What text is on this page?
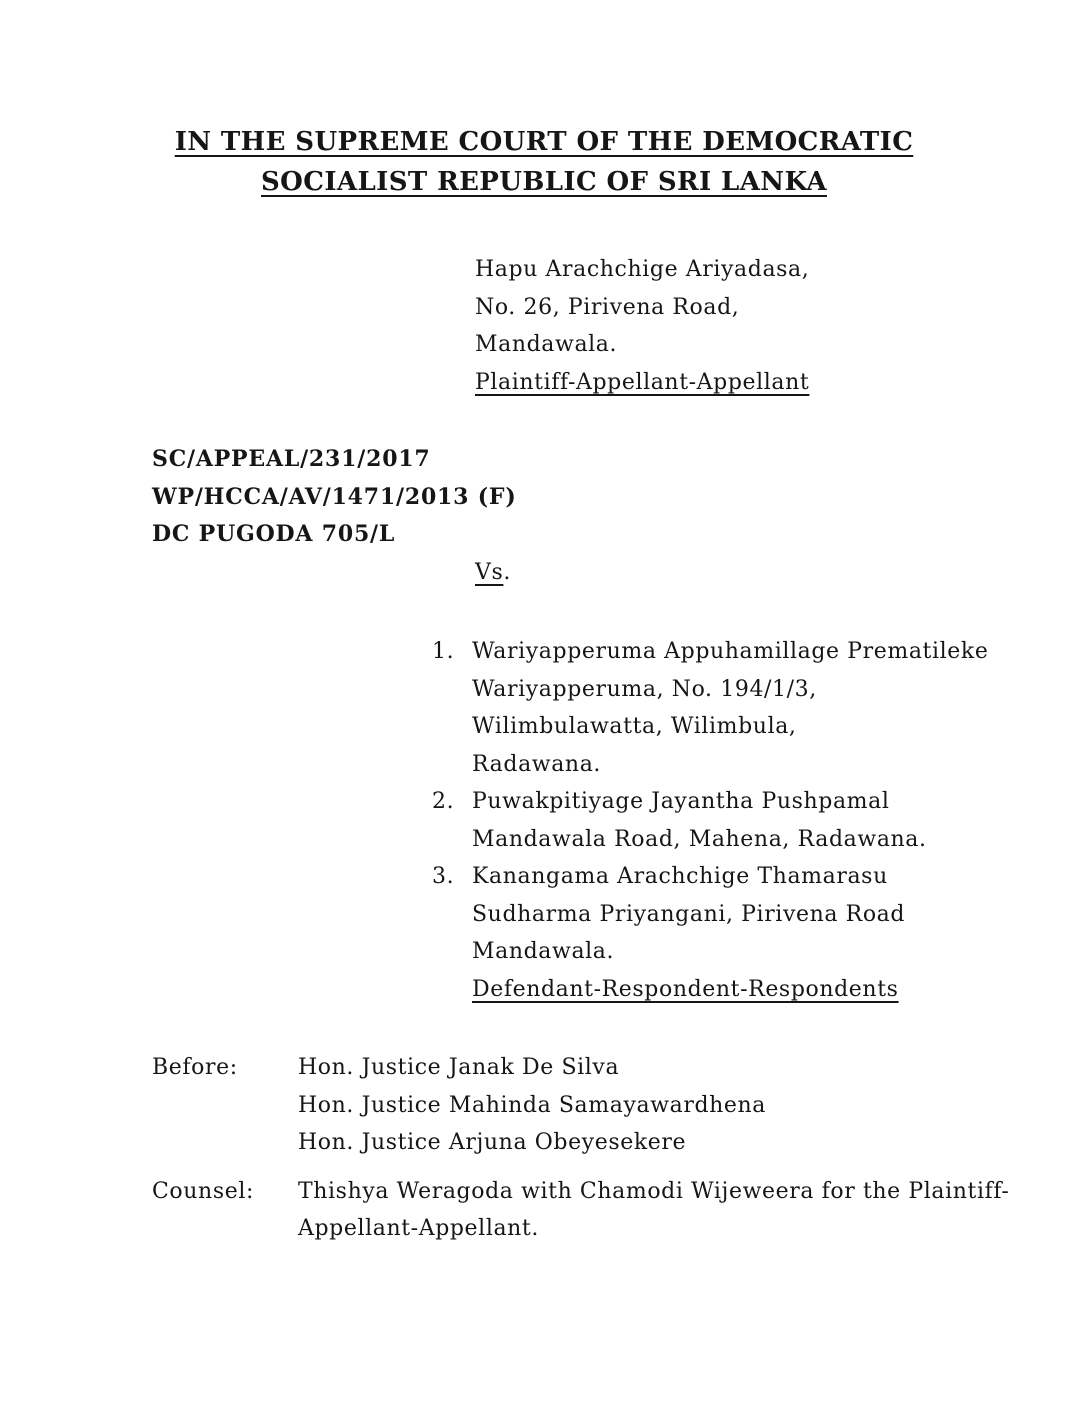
IN THE SUPREME COURT OF THE DEMOCRATIC
SOCIALIST REPUBLIC OF SRI LANKA
Hapu Arachchige Ariyadasa,
No. 26, Pirivena Road,
Mandawala.
Plaintiff-Appellant-Appellant
SC/APPEAL/231/2017
WP/HCCA/AV/1471/2013 (F)
DC PUGODA 705/L
Vs.
1. Wariyapperuma Appuhamillage Prematileke
Wariyapperuma, No. 194/1/3,
Wilimbulawatta, Wilimbula,
Radawana.
2. Puwakpitiyage Jayantha Pushpamal
Mandawala Road, Mahena, Radawana.
3. Kanangama Arachchige Thamarasu
Sudharma Priyangani, Pirivena Road
Mandawala.
Defendant-Respondent-Respondents
Before:	Hon. Justice Janak De Silva
Hon. Justice Mahinda Samayawardhena
Hon. Justice Arjuna Obeyesekere
Counsel:	Thishya Weragoda with Chamodi Wijeweera for the Plaintiff-
Appellant-Appellant.
